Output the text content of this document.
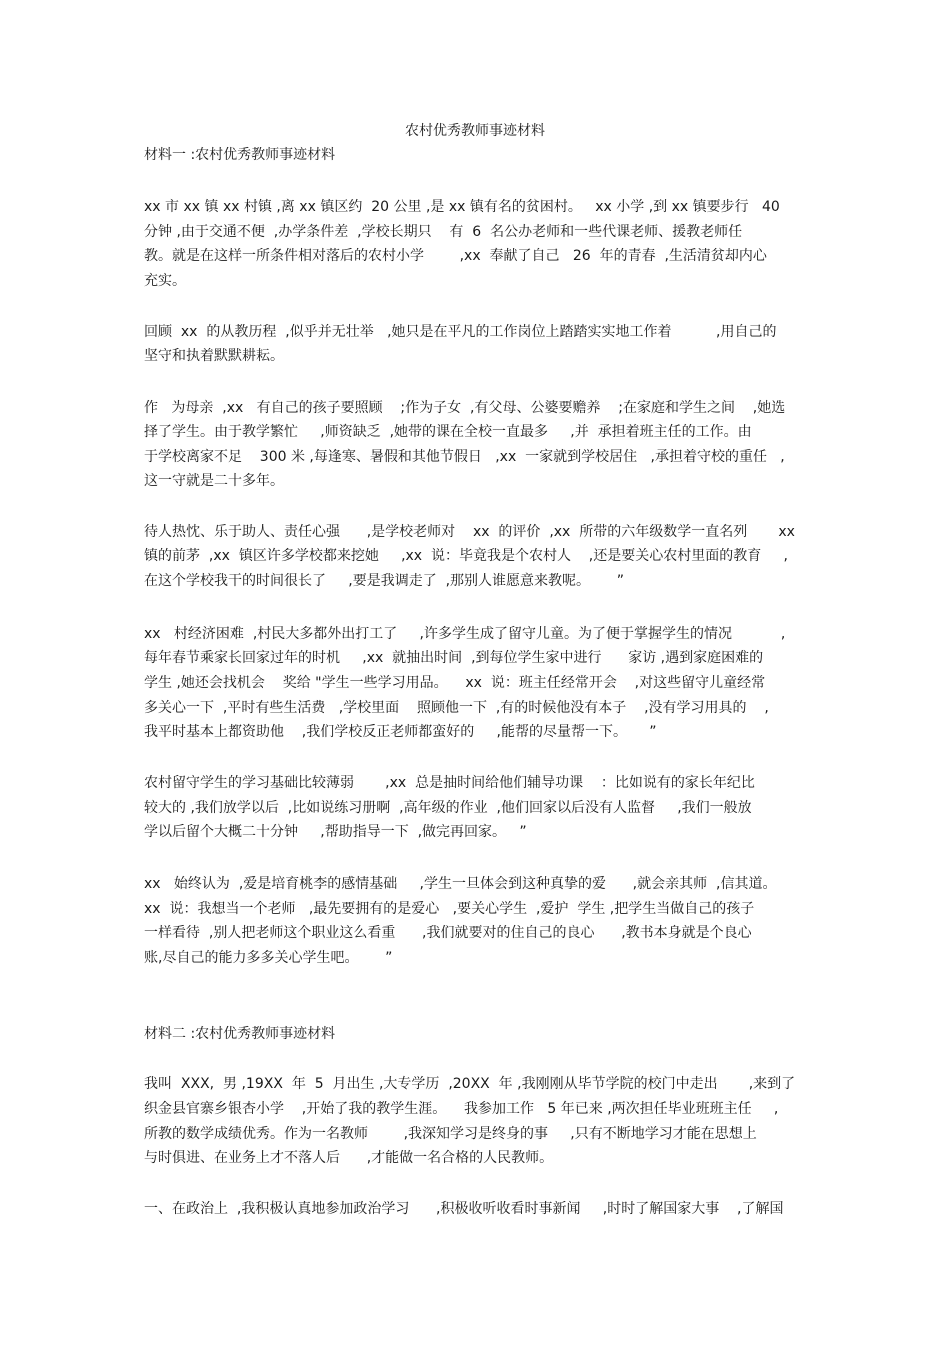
农村优秀教师事迹材料
材料一 :农村优秀教师事迹材料
xx 市 xx 镇 xx 村镇 ,离 xx 镇区约  20 公里 ,是 xx 镇有名的贫困村。   xx 小学 ,到 xx 镇要步行   40
分钟 ,由于交通不便  ,办学条件差  ,学校长期只    有  6  名公办老师和一些代课老师、援教老师任
教。就是在这样一所条件相对落后的农村小学        ,xx  奉献了自己   26  年的青春  ,生活清贫却内心
充实。
回顾  xx  的从教历程  ,似乎并无壮举   ,她只是在平凡的工作岗位上踏踏实实地工作着          ,用自己的
坚守和执着默默耕耘。
作   为母亲  ,xx   有自己的孩子要照顾    ;作为子女  ,有父母、公婆要赡养    ;在家庭和学生之间    ,她选
择了学生。由于教学繁忙     ,师资缺乏  ,她带的课在全校一直最多     ,并  承担着班主任的工作。由
于学校离家不足    300 米 ,每逢寒、暑假和其他节假日   ,xx  一家就到学校居住   ,承担着守校的重任   ,
这一守就是二十多年。
待人热忱、乐于助人、责任心强      ,是学校老师对    xx  的评价  ,xx  所带的六年级数学一直名列       xx
镇的前茅  ,xx  镇区许多学校都来挖她     ,xx  说：毕竟我是个农村人    ,还是要关心农村里面的教育     ,
在这个学校我干的时间很长了     ,要是我调走了  ,那别人谁愿意来教呢。      ”
xx   村经济困难  ,村民大多都外出打工了     ,许多学生成了留守儿童。为了便于掌握学生的情况           ,
每年春节乘家长回家过年的时机     ,xx  就抽出时间  ,到每位学生家中进行      家访 ,遇到家庭困难的
学生 ,她还会找机会    奖给 "学生一些学习用品。    xx  说：班主任经常开会    ,对这些留守儿童经常
多关心一下  ,平时有些生活费   ,学校里面    照顾他一下  ,有的时候他没有本子    ,没有学习用具的    ,
我平时基本上都资助他    ,我们学校反正老师都蛮好的     ,能帮的尽量帮一下。     ”
农村留守学生的学习基础比较薄弱       ,xx  总是抽时间给他们辅导功课    ：比如说有的家长年纪比
较大的 ,我们放学以后  ,比如说练习册啊  ,高年级的作业  ,他们回家以后没有人监督     ,我们一般放
学以后留个大概二十分钟     ,帮助指导一下  ,做完再回家。   ”
xx   始终认为  ,爱是培育桃李的感情基础     ,学生一旦体会到这种真挚的爱      ,就会亲其师  ,信其道。
xx  说：我想当一个老师   ,最先要拥有的是爱心   ,要关心学生  ,爱护  学生 ,把学生当做自己的孩子
一样看待  ,别人把老师这个职业这么看重      ,我们就要对的住自己的良心      ,教书本身就是个良心
账,尽自己的能力多多关心学生吧。      ”
材料二 :农村优秀教师事迹材料
我叫  XXX,  男 ,19XX  年  5  月出生 ,大专学历  ,20XX  年 ,我刚刚从毕节学院的校门中走出       ,来到了
织金县官寨乡银杏小学    ,开始了我的教学生涯。    我参加工作   5 年已来 ,两次担任毕业班班主任     ,
所教的数学成绩优秀。作为一名教师        ,我深知学习是终身的事     ,只有不断地学习才能在思想上
与时俱进、在业务上才不落人后      ,才能做一名合格的人民教师。
一、在政治上  ,我积极认真地参加政治学习      ,积极收听收看时事新闻     ,时时了解国家大事    ,了解国
